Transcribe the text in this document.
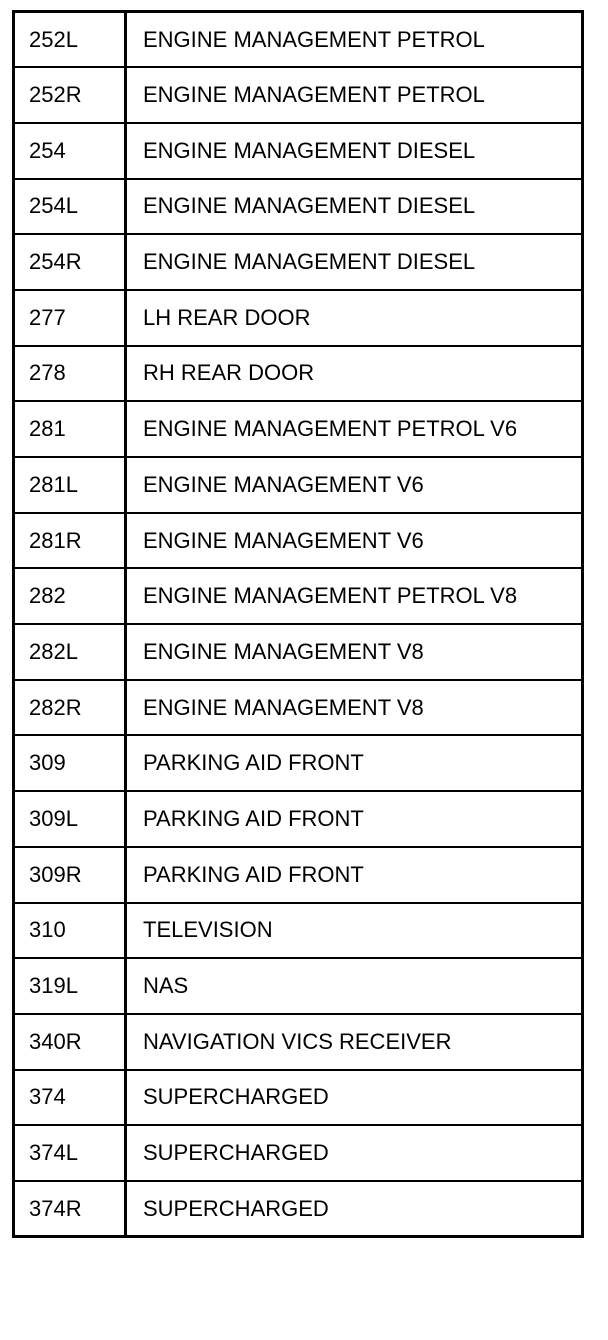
252L	ENGINE MANAGEMENT PETROL
252R	ENGINE MANAGEMENT PETROL
254	ENGINE MANAGEMENT DIESEL
254L	ENGINE MANAGEMENT DIESEL
254R	ENGINE MANAGEMENT DIESEL
277	LH REAR DOOR
278	RH REAR DOOR
281	ENGINE MANAGEMENT PETROL V6
281L	ENGINE MANAGEMENT V6
281R	ENGINE MANAGEMENT V6
282	ENGINE MANAGEMENT PETROL V8
282L	ENGINE MANAGEMENT V8
282R	ENGINE MANAGEMENT V8
309	PARKING AID FRONT
309L	PARKING AID FRONT
309R	PARKING AID FRONT
310	TELEVISION
319L	NAS
340R	NAVIGATION VICS RECEIVER
374	SUPERCHARGED
374L	SUPERCHARGED
374R	SUPERCHARGED
